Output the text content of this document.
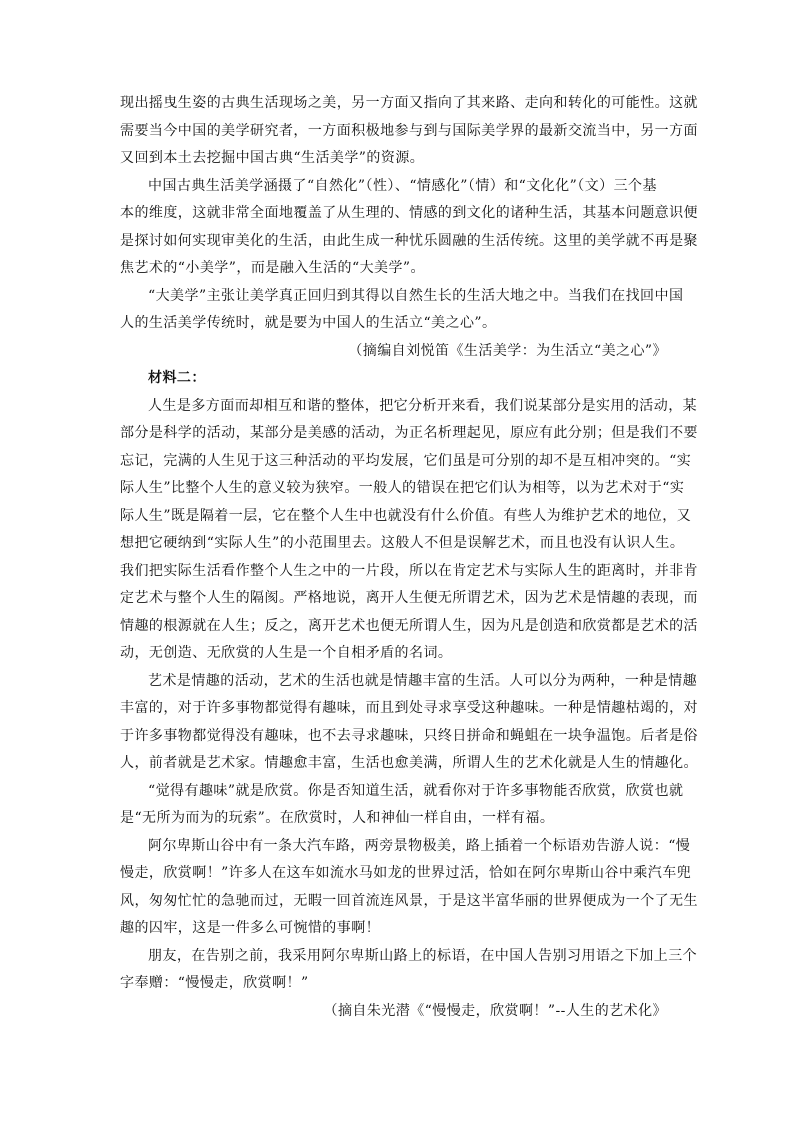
现出摇曳生姿的古典生活现场之美，另一方面又指向了其来路、走向和转化的可能性。这就
需要当今中国的美学研究者，一方面积极地参与到与国际美学界的最新交流当中，另一方面
又回到本土去挖掘中国古典“生活美学”的资源。
中国古典生活美学涵摄了“自然化”（性）、“情感化”（情）和“文化化”（文）三个基
本的维度，这就非常全面地覆盖了从生理的、情感的到文化的诸种生活，其基本问题意识便
是探讨如何实现审美化的生活，由此生成一种忧乐圆融的生活传统。这里的美学就不再是聚
焦艺术的“小美学”，而是融入生活的“大美学”。
“大美学”主张让美学真正回归到其得以自然生长的生活大地之中。当我们在找回中国
人的生活美学传统时，就是要为中国人的生活立“美之心”。
（摘编自刘悦笛《生活美学：为生活立“美之心”》
材料二：
人生是多方面而却相互和谐的整体，把它分析开来看，我们说某部分是实用的活动，某
部分是科学的活动，某部分是美感的活动，为正名析理起见，原应有此分别；但是我们不要
忘记，完满的人生见于这三种活动的平均发展，它们虽是可分别的却不是互相冲突的。“实
际人生”比整个人生的意义较为狭窄。一般人的错误在把它们认为相等，以为艺术对于“实
际人生”既是隔着一层，它在整个人生中也就没有什么价值。有些人为维护艺术的地位，又
想把它硬纳到“实际人生”的小范围里去。这般人不但是误解艺术，而且也没有认识人生。
我们把实际生活看作整个人生之中的一片段，所以在肯定艺术与实际人生的距离时，并非肯
定艺术与整个人生的隔阂。严格地说，离开人生便无所谓艺术，因为艺术是情趣的表现，而
情趣的根源就在人生；反之，离开艺术也便无所谓人生，因为凡是创造和欣赏都是艺术的活
动，无创造、无欣赏的人生是一个自相矛盾的名词。
艺术是情趣的活动，艺术的生活也就是情趣丰富的生活。人可以分为两种，一种是情趣
丰富的，对于许多事物都觉得有趣味，而且到处寻求享受这种趣味。一种是情趣枯竭的，对
于许多事物都觉得没有趣味，也不去寻求趣味，只终日拼命和蝇蛆在一块争温饱。后者是俗
人，前者就是艺术家。情趣愈丰富，生活也愈美满，所谓人生的艺术化就是人生的情趣化。
“觉得有趣味”就是欣赏。你是否知道生活，就看你对于许多事物能否欣赏，欣赏也就
是“无所为而为的玩索”。在欣赏时，人和神仙一样自由，一样有福。
阿尔卑斯山谷中有一条大汽车路，两旁景物极美，路上插着一个标语劝告游人说：“慢
慢走，欣赏啊！”许多人在这车如流水马如龙的世界过活，恰如在阿尔卑斯山谷中乘汽车兜
风，匆匆忙忙的急驰而过，无暇一回首流连风景，于是这半富华丽的世界便成为一个了无生
趣的囚牢，这是一件多么可惋惜的事啊！
朋友，在告别之前，我采用阿尔卑斯山路上的标语，在中国人告别习用语之下加上三个
字奉赠：“慢慢走，欣赏啊！”
（摘自朱光潜《“慢慢走，欣赏啊！”--人生的艺术化》
